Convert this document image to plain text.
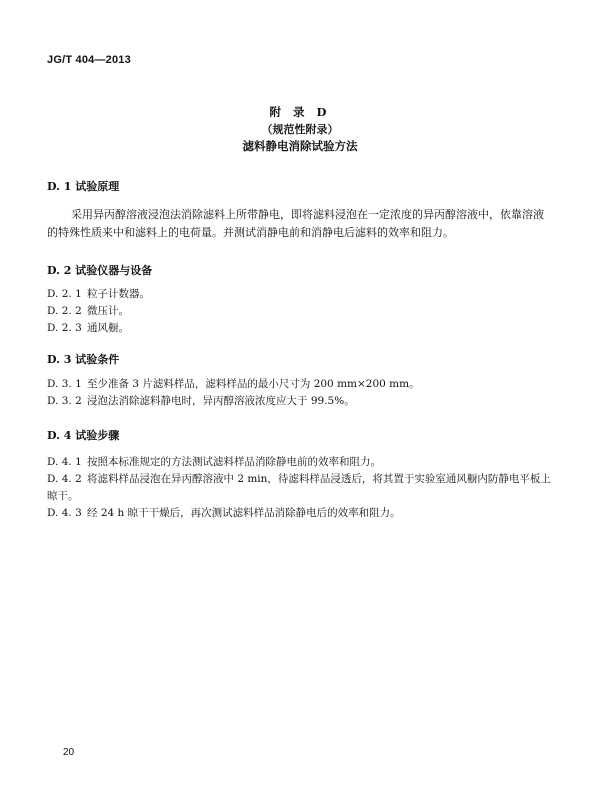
JG/T 404—2013
附 录 D
（规范性附录）
滤料静电消除试验方法
D. 1 试验原理
采用异丙醇溶液浸泡法消除滤料上所带静电，即将滤料浸泡在一定浓度的异丙醇溶液中，依靠溶液的特殊性质来中和滤料上的电荷量。并测试消静电前和消静电后滤料的效率和阻力。
D. 2 试验仪器与设备
D. 2. 1 粒子计数器。
D. 2. 2 微压计。
D. 2. 3 通风橱。
D. 3 试验条件
D. 3. 1 至少准备 3 片滤料样品，滤料样品的最小尺寸为 200 mm×200 mm。
D. 3. 2 浸泡法消除滤料静电时，异丙醇溶液浓度应大于 99.5%。
D. 4 试验步骤
D. 4. 1 按照本标准规定的方法测试滤料样品消除静电前的效率和阻力。
D. 4. 2 将滤料样品浸泡在异丙醇溶液中 2 min，待滤料样品浸透后，将其置于实验室通风橱内防静电平板上晾干。
D. 4. 3 经 24 h 晾干干燥后，再次测试滤料样品消除静电后的效率和阻力。
20
